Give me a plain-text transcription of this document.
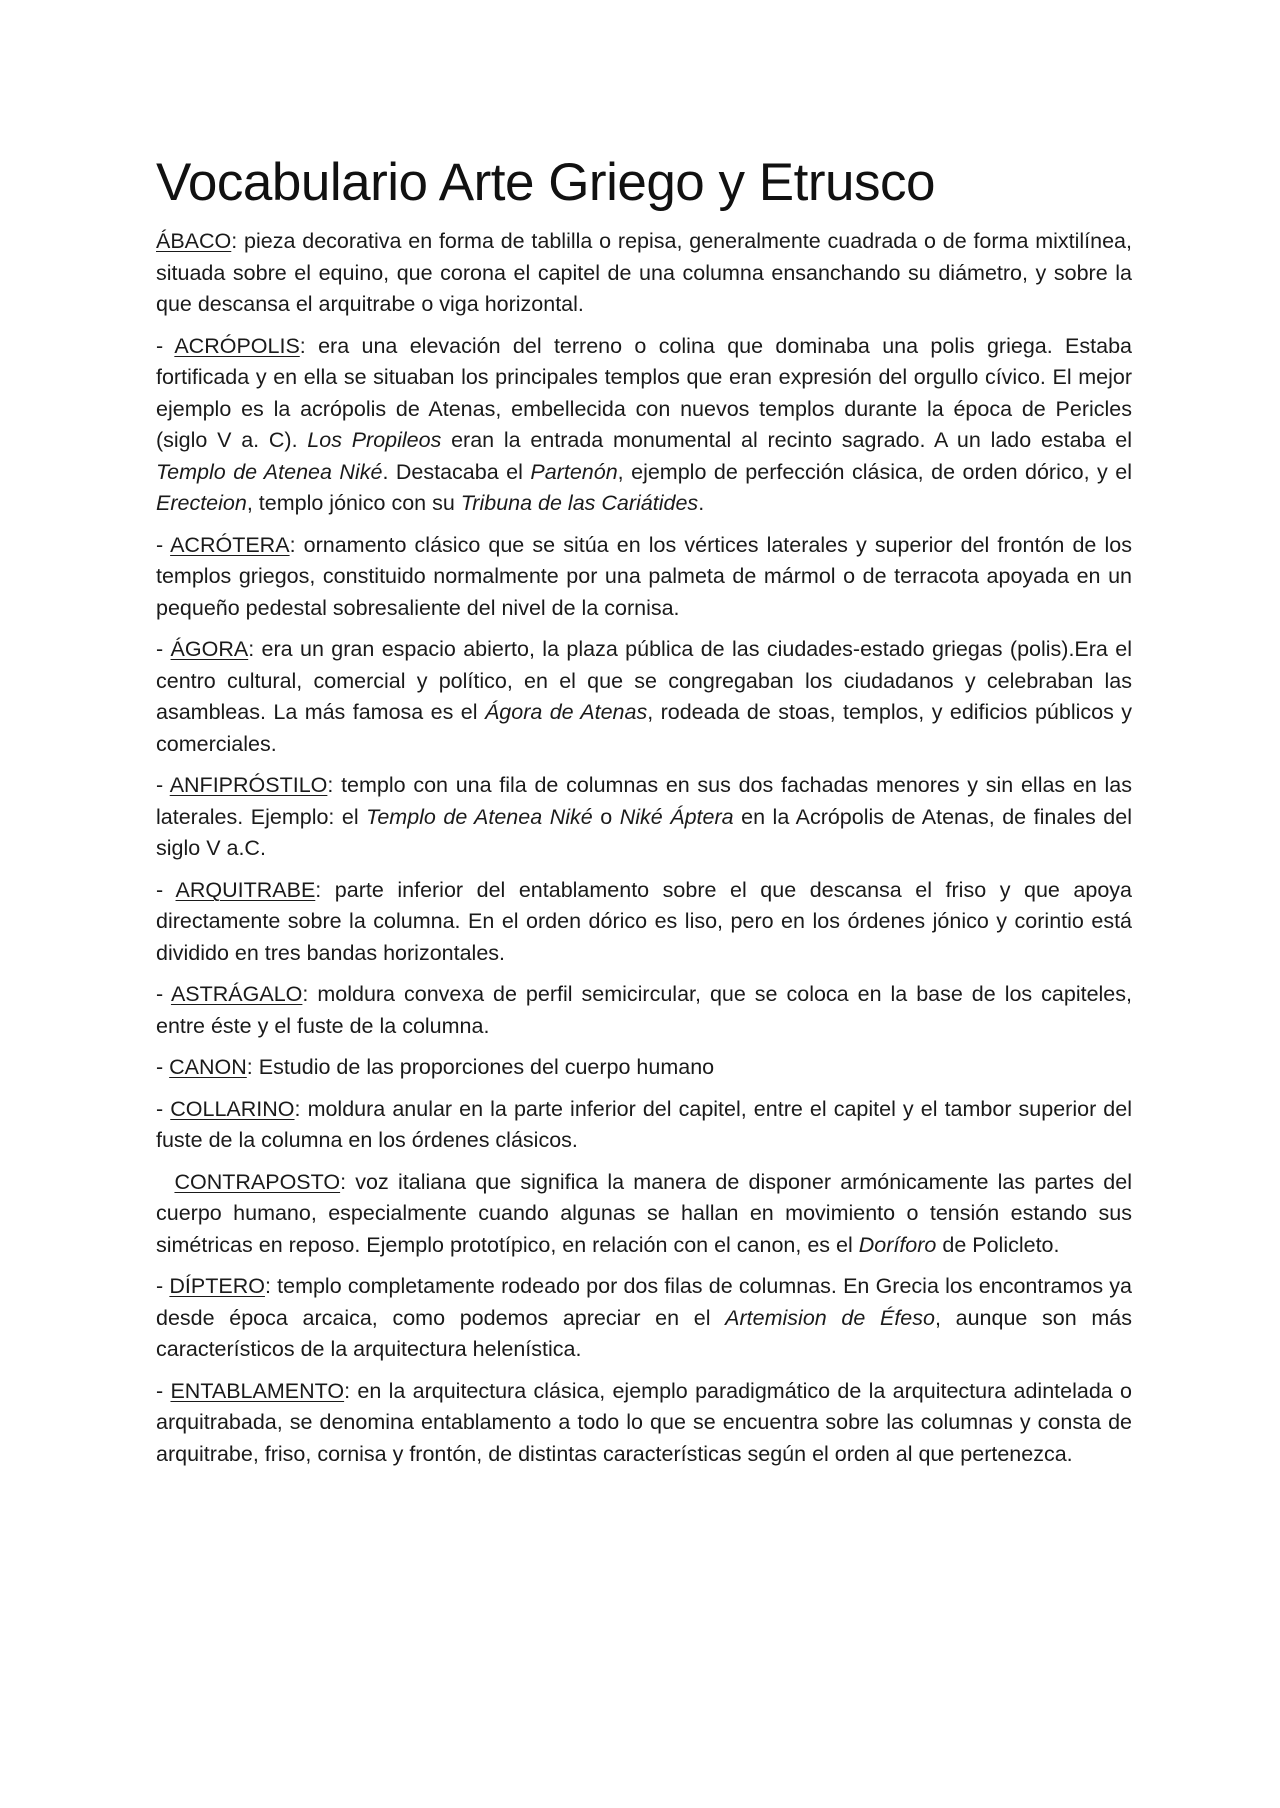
Vocabulario Arte Griego y Etrusco

ÁBACO: pieza decorativa en forma de tablilla o repisa, generalmente cuadrada o de forma mixtilínea, situada sobre el equino, que corona el capitel de una columna ensanchando su diámetro, y sobre la que descansa el arquitrabe o viga horizontal.

- ACRÓPOLIS: era una elevación del terreno o colina que dominaba una polis griega. Estaba fortificada y en ella se situaban los principales templos que eran expresión del orgullo cívico. El mejor ejemplo es la acrópolis de Atenas, embellecida con nuevos templos durante la época de Pericles (siglo V a. C). Los Propileos eran la entrada monumental al recinto sagrado. A un lado estaba el Templo de Atenea Niké. Destacaba el Partenón, ejemplo de perfección clásica, de orden dórico, y el Erecteion, templo jónico con su Tribuna de las Cariátides.

- ACRÓTERA: ornamento clásico que se sitúa en los vértices laterales y superior del frontón de los templos griegos, constituido normalmente por una palmeta de mármol o de terracota apoyada en un pequeño pedestal sobresaliente del nivel de la cornisa.

- ÁGORA: era un gran espacio abierto, la plaza pública de las ciudades-estado griegas (polis).Era el centro cultural, comercial y político, en el que se congregaban los ciudadanos y celebraban las asambleas. La más famosa es el Ágora de Atenas, rodeada de stoas, templos, y edificios públicos y comerciales.

- ANFIPRÓSTILO: templo con una fila de columnas en sus dos fachadas menores y sin ellas en las laterales. Ejemplo: el Templo de Atenea Niké o Niké Áptera en la Acrópolis de Atenas, de finales del siglo V a.C.

- ARQUITRABE: parte inferior del entablamento sobre el que descansa el friso y que apoya directamente sobre la columna. En el orden dórico es liso, pero en los órdenes jónico y corintio está dividido en tres bandas horizontales.

- ASTRÁGALO: moldura convexa de perfil semicircular, que se coloca en la base de los capiteles, entre éste y el fuste de la columna.

- CANON: Estudio de las proporciones del cuerpo humano

- COLLARINO: moldura anular en la parte inferior del capitel, entre el capitel y el tambor superior del fuste de la columna en los órdenes clásicos.

CONTRAPOSTO: voz italiana que significa la manera de disponer armónicamente las partes del cuerpo humano, especialmente cuando algunas se hallan en movimiento o tensión estando sus simétricas en reposo. Ejemplo prototípico, en relación con el canon, es el Doríforo de Policleto.

- DÍPTERO: templo completamente rodeado por dos filas de columnas. En Grecia los encontramos ya desde época arcaica, como podemos apreciar en el Artemision de Éfeso, aunque son más característicos de la arquitectura helenística.

- ENTABLAMENTO: en la arquitectura clásica, ejemplo paradigmático de la arquitectura adintelada o arquitrabada, se denomina entablamento a todo lo que se encuentra sobre las columnas y consta de arquitrabe, friso, cornisa y frontón, de distintas características según el orden al que pertenezca.
